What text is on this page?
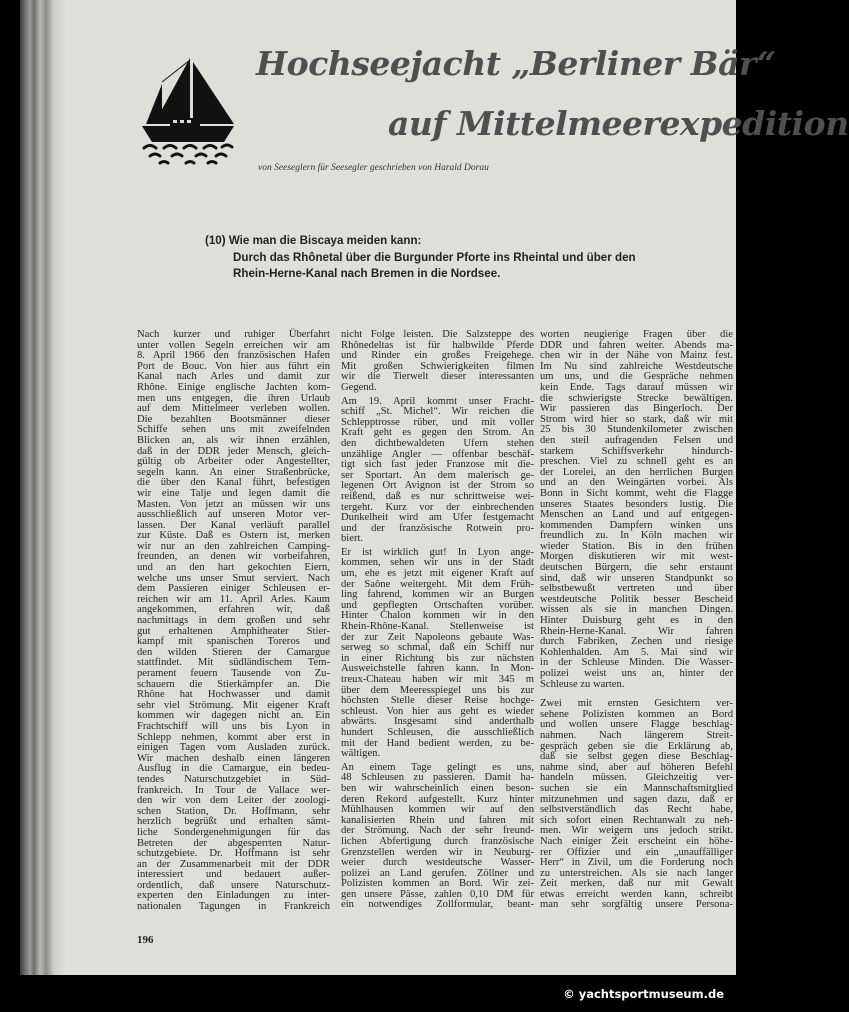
Hochseejacht „Berliner Bär“
auf Mittelmeerexpedition
von Seeseglern für Seesegler geschrieben von Harald Dorau
(10) Wie man die Biscaya meiden kann:
Durch das Rhônetal über die Burgunder Pforte ins Rheintal und über den
Rhein-Herne-Kanal nach Bremen in die Nordsee.
Nach kurzer und ruhiger Überfahrt
unter vollen Segeln erreichen wir am
8. April 1966 den französischen Hafen
Port de Bouc. Von hier aus führt ein
Kanal nach Arles und damit zur
Rhône. Einige englische Jachten kom-
men uns entgegen, die ihren Urlaub
auf dem Mittelmeer verleben wollen.
Die bezahlten Bootsmänner dieser
Schiffe sehen uns mit zweifelnden
Blicken an, als wir ihnen erzählen,
daß in der DDR jeder Mensch, gleich-
gültig ob Arbeiter oder Angestellter,
segeln kann. An einer Straßenbrücke,
die über den Kanal führt, befestigen
wir eine Talje und legen damit die
Masten. Von jetzt an müssen wir uns
ausschließlich auf unseren Motor ver-
lassen. Der Kanal verläuft parallel
zur Küste. Daß es Ostern ist, merken
wir nur an den zahlreichen Camping-
freunden, an denen wir vorbeifahren,
und an den hart gekochten Eiern,
welche uns unser Smut serviert. Nach
dem Passieren einiger Schleusen er-
reichen wir am 11. April Arles. Kaum
angekommen, erfahren wir, daß
nachmittags in dem großen und sehr
gut erhaltenen Amphitheater Stier-
kampf mit spanischen Toreros und
den wilden Stieren der Camargue
stattfindet. Mit südländischem Tem-
perament feuern Tausende von Zu-
schauern die Stierkämpfer an. Die
Rhône hat Hochwasser und damit
sehr viel Strömung. Mit eigener Kraft
kommen wir dagegen nicht an. Ein
Frachtschiff will uns bis Lyon in
Schlepp nehmen, kommt aber erst in
einigen Tagen vom Ausladen zurück.
Wir machen deshalb einen längeren
Ausflug in die Camargue, ein bedeu-
tendes Naturschutzgebiet in Süd-
frankreich. In Tour de Vallace wer-
den wir von dem Leiter der zoologi-
schen Station, Dr. Hoffmann, sehr
herzlich begrüßt und erhalten sämt-
liche Sondergenehmigungen für das
Betreten der abgesperrten Natur-
schutzgebiete. Dr. Hoffmann ist sehr
an der Zusammenarbeit mit der DDR
interessiert und bedauert außer-
ordentlich, daß unsere Naturschutz-
experten den Einladungen zu inter-
nationalen Tagungen in Frankreich
nicht Folge leisten. Die Salzsteppe des
Rhônedeltas ist für halbwilde Pferde
und Rinder ein großes Freigehege.
Mit großen Schwierigkeiten filmen
wir die Tierwelt dieser interessanten
Gegend.
Am 19. April kommt unser Fracht-
schiff „St. Michel“. Wir reichen die
Schlepptrosse rüber, und mit voller
Kraft geht es gegen den Strom. An
den dichtbewaldeten Ufern stehen
unzählige Angler — offenbar beschäf-
tigt sich fast jeder Franzose mit die-
ser Sportart. An dem malerisch ge-
legenen Ort Avignon ist der Strom so
reißend, daß es nur schrittweise wei-
tergeht. Kurz vor der einbrechenden
Dunkelheit wird am Ufer festgemacht
und der französische Rotwein pro-
biert.
Er ist wirklich gut! In Lyon ange-
kommen, sehen wir uns in der Stadt
um, ehe es jetzt mit eigener Kraft auf
der Saône weitergeht. Mit dem Früh-
ling fahrend, kommen wir an Burgen
und gepflegten Ortschaften vorüber.
Hinter Chalon kommen wir in den
Rhein-Rhône-Kanal. Stellenweise ist
der zur Zeit Napoleons gebaute Was-
serweg so schmal, daß ein Schiff nur
in einer Richtung bis zur nächsten
Ausweichstelle fahren kann. In Mon-
treux-Chateau haben wir mit 345 m
über dem Meeresspiegel uns bis zur
höchsten Stelle dieser Reise hochge-
schleust. Von hier aus geht es wieder
abwärts. Insgesamt sind anderthalb
hundert Schleusen, die ausschließlich
mit der Hand bedient werden, zu be-
wältigen.
An einem Tage gelingt es uns,
48 Schleusen zu passieren. Damit ha-
ben wir wahrscheinlich einen beson-
deren Rekord aufgestellt. Kurz hinter
Mühlhausen kommen wir auf den
kanalisierten Rhein und fahren mit
der Strömung. Nach der sehr freund-
lichen Abfertigung durch französische
Grenzstellen werden wir in Neuburg-
weier durch westdeutsche Wasser-
polizei an Land gerufen. Zöllner und
Polizisten kommen an Bord. Wir zei-
gen unsere Pässe, zahlen 0,10 DM für
ein notwendiges Zollformular, beant-
worten neugierige Fragen über die
DDR und fahren weiter. Abends ma-
chen wir in der Nähe von Mainz fest.
Im Nu sind zahlreiche Westdeutsche
um uns, und die Gespräche nehmen
kein Ende. Tags darauf müssen wir
die schwierigste Strecke bewältigen.
Wir passieren das Bingerloch. Der
Strom wird hier so stark, daß wir mit
25 bis 30 Stundenkilometer zwischen
den steil aufragenden Felsen und
starkem Schiffsverkehr hindurch-
preschen. Viel zu schnell geht es an
der Lorelei, an den herrlichen Burgen
und an den Weingärten vorbei. Als
Bonn in Sicht kommt, weht die Flagge
unseres Staates besonders lustig. Die
Menschen an Land und auf entgegen-
kommenden Dampfern winken uns
freundlich zu. In Köln machen wir
wieder Station. Bis in den frühen
Morgen diskutieren wir mit west-
deutschen Bürgern, die sehr erstaunt
sind, daß wir unseren Standpunkt so
selbstbewußt vertreten und über
westdeutsche Politik besser Bescheid
wissen als sie in manchen Dingen.
Hinter Duisburg geht es in den
Rhein-Herne-Kanal. Wir fahren
durch Fabriken, Zechen und riesige
Kohlenhalden. Am 5. Mai sind wir
in der Schleuse Minden. Die Wasser-
polizei weist uns an, hinter der
Schleuse zu warten.
Zwei mit ernsten Gesichtern ver-
sehene Polizisten kommen an Bord
und wollen unsere Flagge beschlag-
nahmen. Nach längerem Streit-
gespräch geben sie die Erklärung ab,
daß sie selbst gegen diese Beschlag-
nahme sind, aber auf höheren Befehl
handeln müssen. Gleichzeitig ver-
suchen sie ein Mannschaftsmitglied
mitzunehmen und sagen dazu, daß er
selbstverständlich das Recht habe,
sich sofort einen Rechtanwalt zu neh-
men. Wir weigern uns jedoch strikt.
Nach einiger Zeit erscheint ein höhe-
rer Offizier und ein „unauffälliger
Herr“ in Zivil, um die Forderung noch
zu unterstreichen. Als sie nach langer
Zeit merken, daß nur mit Gewalt
etwas erreicht werden kann, schreibt
man sehr sorgfältig unsere Persona-
196
© yachtsportmuseum.de
